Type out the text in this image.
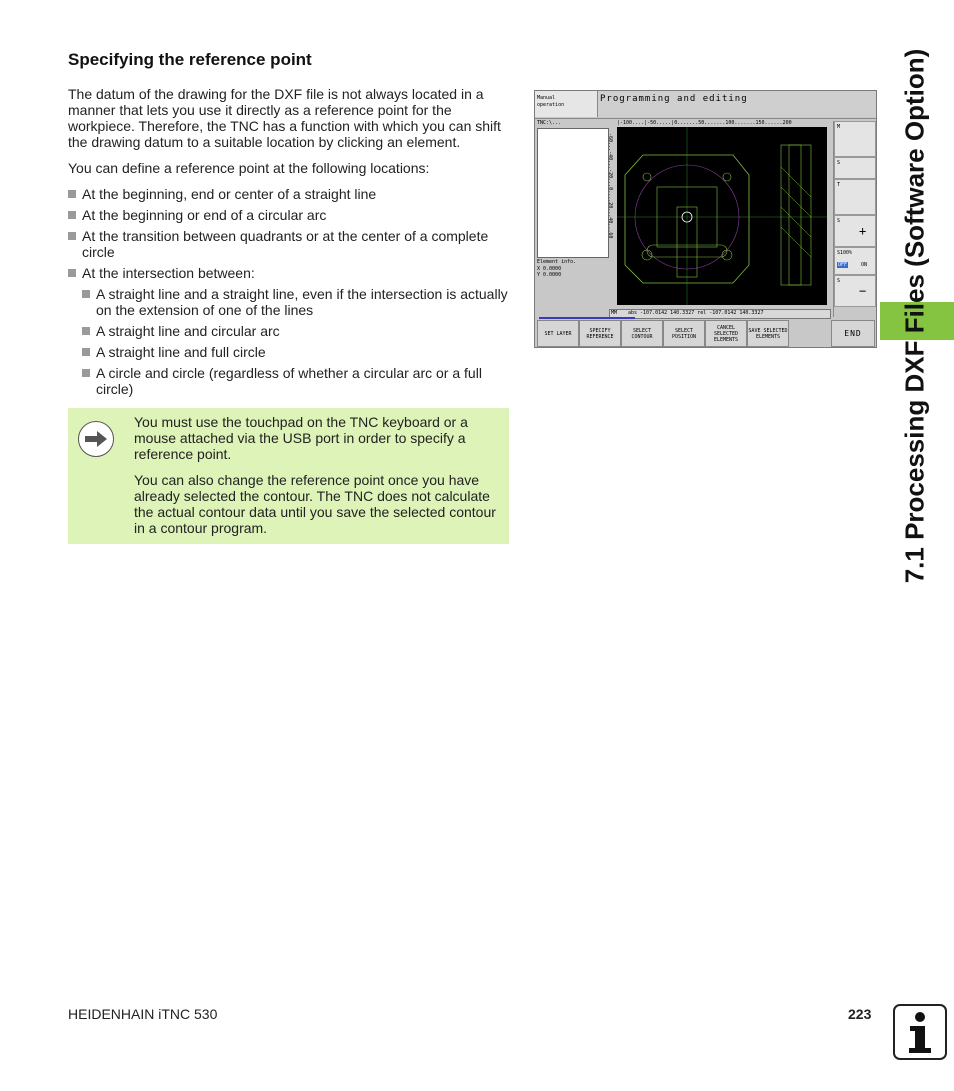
Specifying the reference point

The datum of the drawing for the DXF file is not always located in a manner that lets you use it directly as a reference point for the workpiece. Therefore, the TNC has a function with which you can shift the drawing datum to a suitable location by clicking an element.

You can define a reference point at the following locations:

At the beginning, end or center of a straight line
At the beginning or end of a circular arc
At the transition between quadrants or at the center of a complete circle
At the intersection between:
A straight line and a straight line, even if the intersection is actually on the extension of one of the lines
A straight line and circular arc
A straight line and full circle
A circle and circle (regardless of whether a circular arc or a full circle)

You must use the touchpad on the TNC keyboard or a mouse attached via the USB port in order to specify a reference point.

You can also change the reference point once you have already selected the contour. The TNC does not calculate the actual contour data until you save the selected contour in a contour program.

Manual
operation
Programming and editing
TNC:\...
Element info.
X 0.0000
Y 0.0000
|-100....|-50.....|0.......50.......100.......150......200
-60...-40...-20...0....20...40...60
MM abs -107.0142 140.3327 rel -107.0142 140.3327
M
S
T
S
+
S100%
OFF	ON
S
−
SET LAYER	SPECIFY REFERENCE
SELECT CONTOUR
SELECT POSITION
CANCEL SELECTED ELEMENTS
SAVE SELECTED ELEMENTS	END	7.1 Processing DXF Files (Software Option)
HEIDENHAIN iTNC 530	223
